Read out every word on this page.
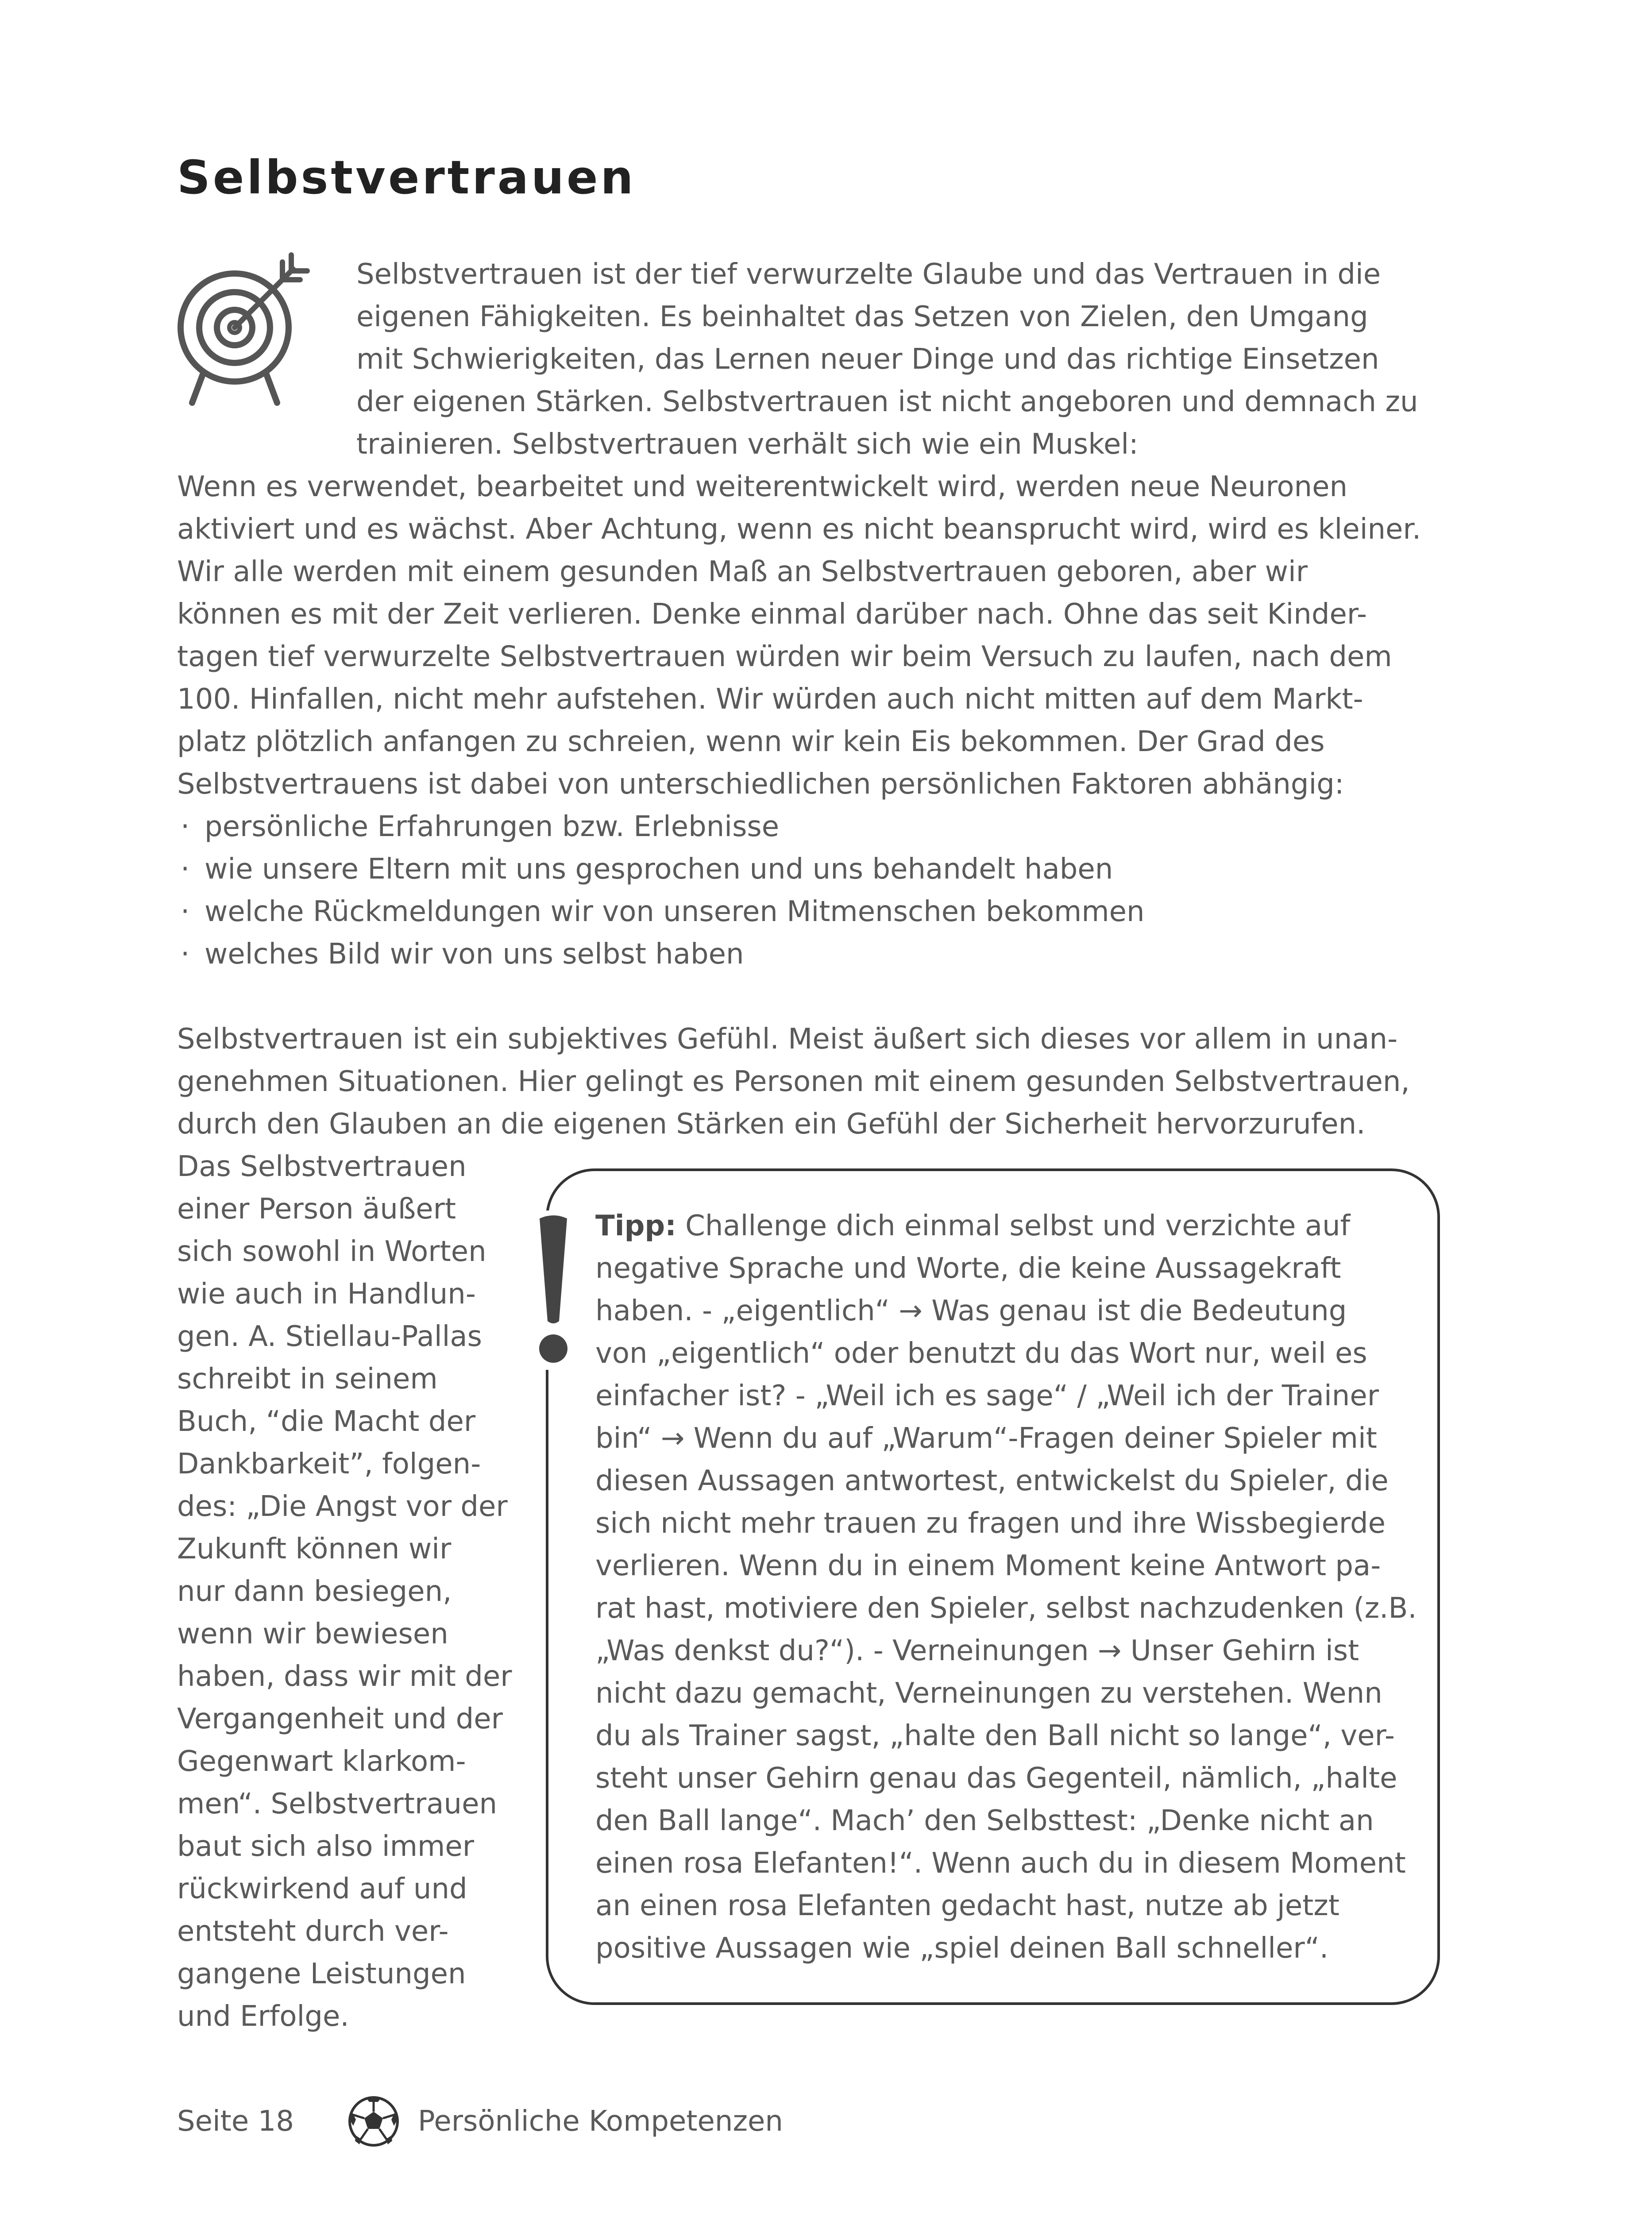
Selbstvertrauen
Selbstvertrauen ist der tief verwurzelte Glaube und das Vertrauen in die
eigenen Fähigkeiten. Es beinhaltet das Setzen von Zielen, den Umgang
mit Schwierigkeiten, das Lernen neuer Dinge und das richtige Einsetzen
der eigenen Stärken. Selbstvertrauen ist nicht angeboren und demnach zu
trainieren. Selbstvertrauen verhält sich wie ein Muskel:
Wenn es verwendet, bearbeitet und weiterentwickelt wird, werden neue Neuronen
aktiviert und es wächst. Aber Achtung, wenn es nicht beansprucht wird, wird es kleiner.
Wir alle werden mit einem gesunden Maß an Selbstvertrauen geboren, aber wir
können es mit der Zeit verlieren. Denke einmal darüber nach. Ohne das seit Kinder-
tagen tief verwurzelte Selbstvertrauen würden wir beim Versuch zu laufen, nach dem
100. Hinfallen, nicht mehr aufstehen. Wir würden auch nicht mitten auf dem Markt-
platz plötzlich anfangen zu schreien, wenn wir kein Eis bekommen. Der Grad des
Selbstvertrauens ist dabei von unterschiedlichen persönlichen Faktoren abhängig:
· persönliche Erfahrungen bzw. Erlebnisse
· wie unsere Eltern mit uns gesprochen und uns behandelt haben
· welche Rückmeldungen wir von unseren Mitmenschen bekommen
· welches Bild wir von uns selbst haben
Selbstvertrauen ist ein subjektives Gefühl. Meist äußert sich dieses vor allem in unan-
genehmen Situationen. Hier gelingt es Personen mit einem gesunden Selbstvertrauen,
durch den Glauben an die eigenen Stärken ein Gefühl der Sicherheit hervorzurufen.
Das Selbstvertrauen
einer Person äußert
sich sowohl in Worten
wie auch in Handlun-
gen. A. Stiellau-Pallas
schreibt in seinem
Buch, “die Macht der
Dankbarkeit”, folgen-
des: „Die Angst vor der
Zukunft können wir
nur dann besiegen,
wenn wir bewiesen
haben, dass wir mit der
Vergangenheit und der
Gegenwart klarkom-
men“. Selbstvertrauen
baut sich also immer
rückwirkend auf und
entsteht durch ver-
gangene Leistungen
und Erfolge.
Tipp: Challenge dich einmal selbst und verzichte auf
negative Sprache und Worte, die keine Aussagekraft
haben. - „eigentlich“ → Was genau ist die Bedeutung
von „eigentlich“ oder benutzt du das Wort nur, weil es
einfacher ist? - „Weil ich es sage“ / „Weil ich der Trainer
bin“ → Wenn du auf „Warum“-Fragen deiner Spieler mit
diesen Aussagen antwortest, entwickelst du Spieler, die
sich nicht mehr trauen zu fragen und ihre Wissbegierde
verlieren. Wenn du in einem Moment keine Antwort pa-
rat hast, motiviere den Spieler, selbst nachzudenken (z.B.
„Was denkst du?“). - Verneinungen → Unser Gehirn ist
nicht dazu gemacht, Verneinungen zu verstehen. Wenn
du als Trainer sagst, „halte den Ball nicht so lange“, ver-
steht unser Gehirn genau das Gegenteil, nämlich, „halte
den Ball lange“. Mach’ den Selbsttest: „Denke nicht an
einen rosa Elefanten!“. Wenn auch du in diesem Moment
an einen rosa Elefanten gedacht hast, nutze ab jetzt
positive Aussagen wie „spiel deinen Ball schneller“.
Seite 18	Persönliche Kompetenzen
